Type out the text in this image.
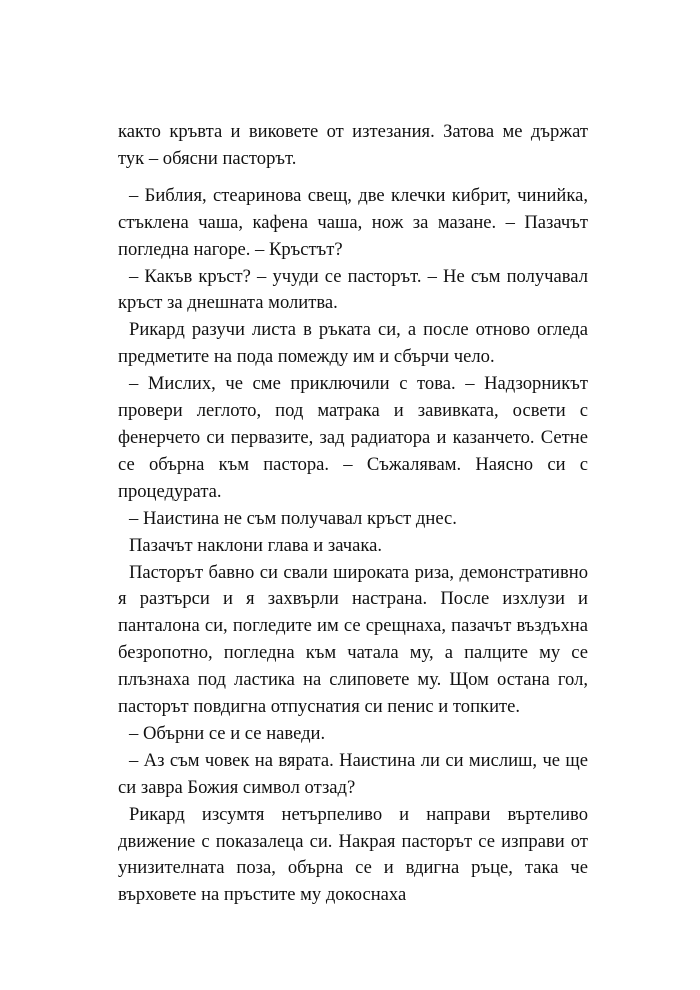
както кръвта и виковете от изтезания. Затова ме държат тук – обясни пасторът.

– Библия, стеаринова свещ, две клечки кибрит, чинийка, стъклена чаша, кафена чаша, нож за мазане. – Пазачът погледна нагоре. – Кръстът?

– Какъв кръст? – учуди се пасторът. – Не съм получавал кръст за днешната молитва.

Рикард разучи листа в ръката си, а после отново огледа предметите на пода помежду им и сбърчи чело.

– Мислих, че сме приключили с това. – Надзорникът провери леглото, под матрака и завивката, освети с фенерчето си первазите, зад радиатора и казанчето. Сетне се обърна към пастора. – Съжалявам. Наясно си с процедурата.

– Наистина не съм получавал кръст днес.

Пазачът наклони глава и зачака.

Пасторът бавно си свали широката риза, демонстративно я разтърси и я захвърли настрана. После изхлузи и панталона си, погледите им се срещнаха, пазачът въздъхна безропотно, погледна към чатала му, а палците му се плъзнаха под ластика на слиповете му. Щом остана гол, пасторът повдигна отпуснатия си пенис и топките.

– Обърни се и се наведи.

– Аз съм човек на вярата. Наистина ли си мислиш, че ще си завра Божия символ отзад?

Рикард изсумтя нетърпеливо и направи въртеливо движение с показалеца си. Накрая пасторът се изправи от унизителната поза, обърна се и вдигна ръце, така че върховете на пръстите му докоснаха
